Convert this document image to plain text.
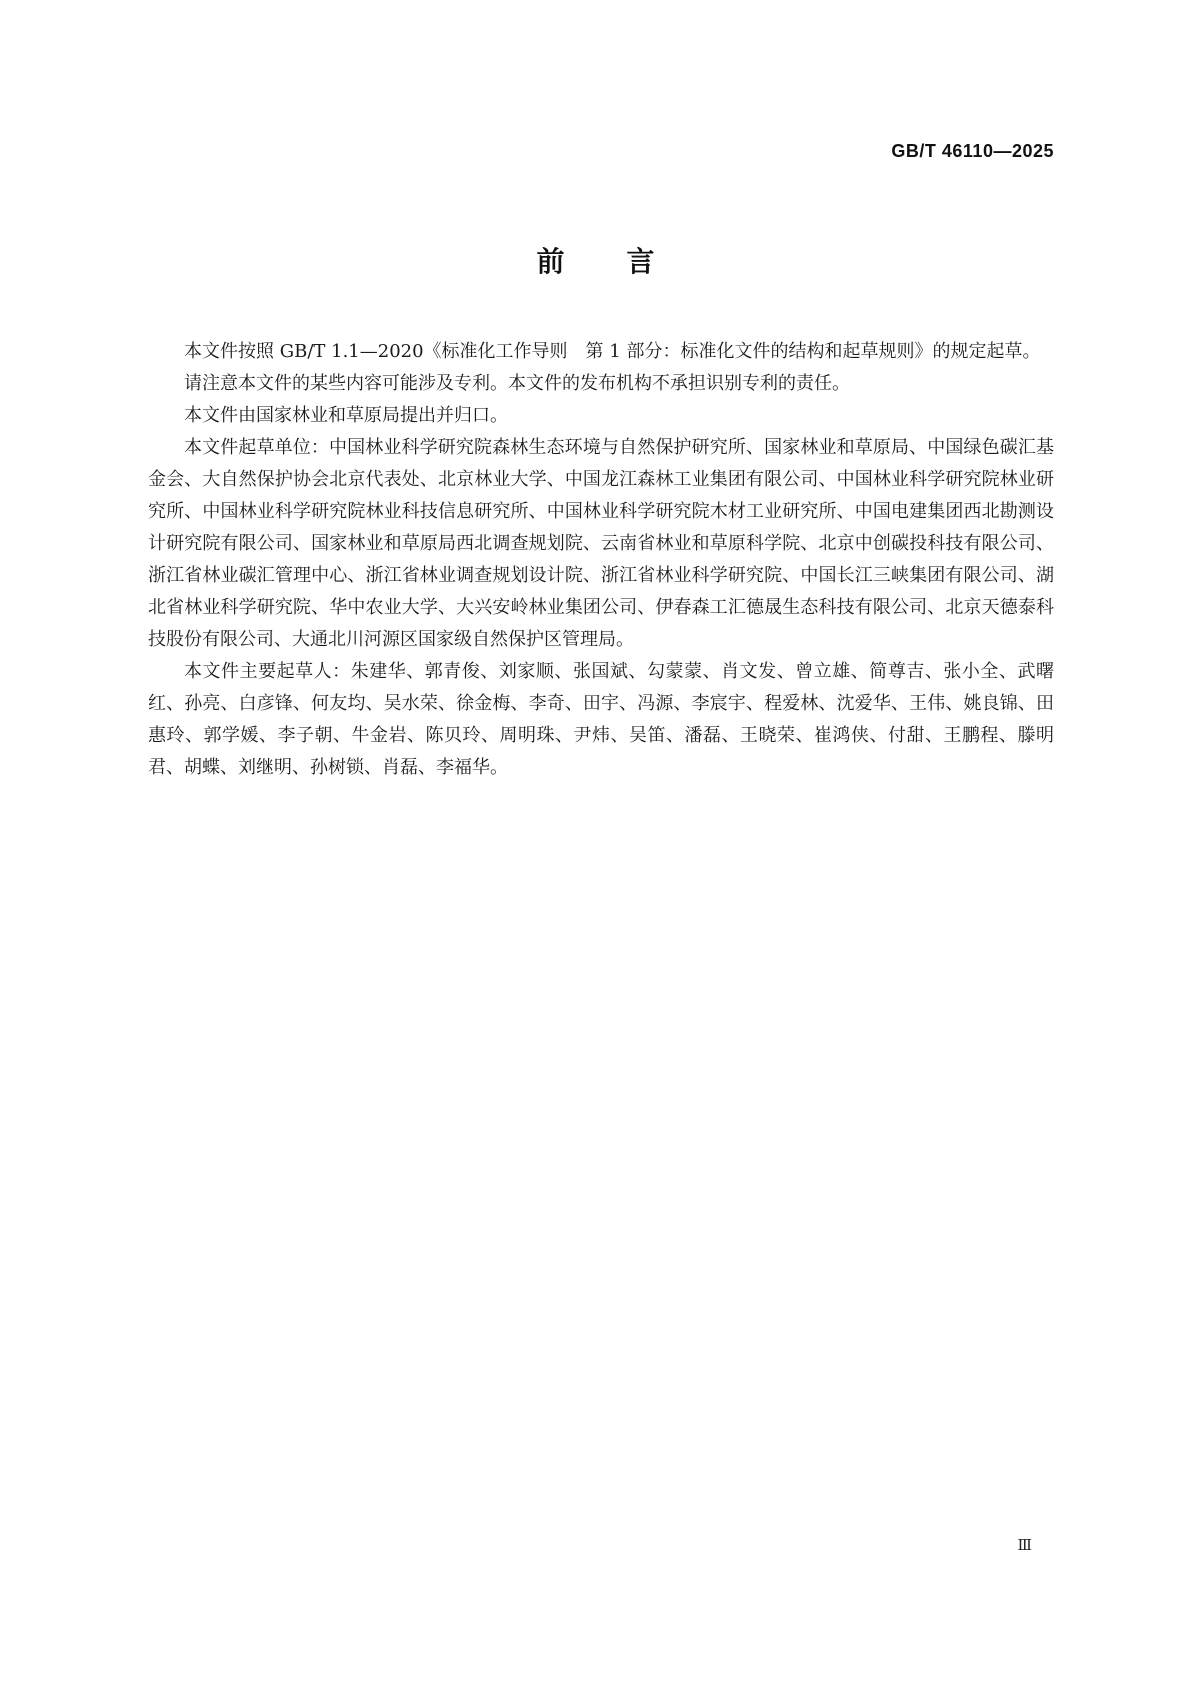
GB/T 46110—2025
前 言

本文件按照 GB/T 1.1—2020《标准化工作导则　第 1 部分：标准化文件的结构和起草规则》的规定起草。

请注意本文件的某些内容可能涉及专利。本文件的发布机构不承担识别专利的责任。

本文件由国家林业和草原局提出并归口。

本文件起草单位：中国林业科学研究院森林生态环境与自然保护研究所、国家林业和草原局、中国绿色碳汇基金会、大自然保护协会北京代表处、北京林业大学、中国龙江森林工业集团有限公司、中国林业科学研究院林业研究所、中国林业科学研究院林业科技信息研究所、中国林业科学研究院木材工业研究所、中国电建集团西北勘测设计研究院有限公司、国家林业和草原局西北调查规划院、云南省林业和草原科学院、北京中创碳投科技有限公司、浙江省林业碳汇管理中心、浙江省林业调查规划设计院、浙江省林业科学研究院、中国长江三峡集团有限公司、湖北省林业科学研究院、华中农业大学、大兴安岭林业集团公司、伊春森工汇德晟生态科技有限公司、北京天德泰科技股份有限公司、大通北川河源区国家级自然保护区管理局。

本文件主要起草人：朱建华、郭青俊、刘家顺、张国斌、勾蒙蒙、肖文发、曾立雄、简尊吉、张小全、武曙红、孙亮、白彦锋、何友均、吴水荣、徐金梅、李奇、田宇、冯源、李宸宇、程爱林、沈爱华、王伟、姚良锦、田惠玲、郭学媛、李子朝、牛金岩、陈贝玲、周明珠、尹炜、吴笛、潘磊、王晓荣、崔鸿侠、付甜、王鹏程、滕明君、胡蝶、刘继明、孙树锁、肖磊、李福华。

Ⅲ
